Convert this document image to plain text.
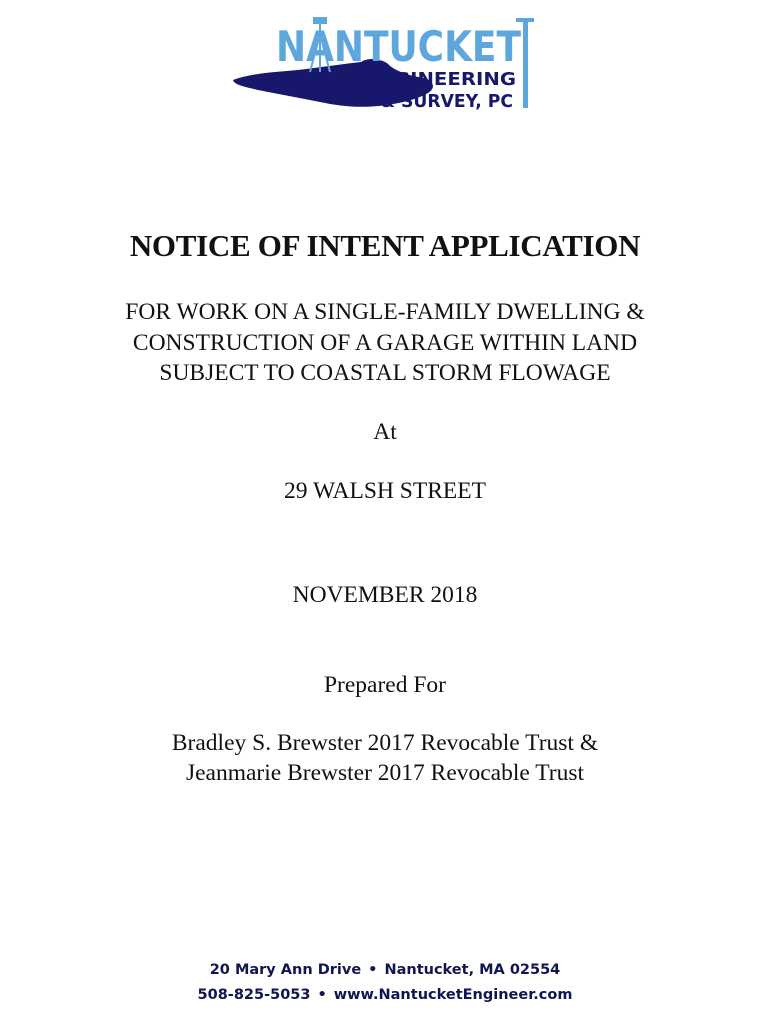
NANTUCKET
ENGINEERING
& SURVEY, PC
NOTICE OF INTENT APPLICATION
FOR WORK ON A SINGLE-FAMILY DWELLING &
CONSTRUCTION OF A GARAGE WITHIN LAND
SUBJECT TO COASTAL STORM FLOWAGE
At
29 WALSH STREET
NOVEMBER 2018
Prepared For
Bradley S. Brewster 2017 Revocable Trust &
Jeanmarie Brewster 2017 Revocable Trust
20 Mary Ann Drive • Nantucket, MA 02554
508-825-5053 • www.NantucketEngineer.com
